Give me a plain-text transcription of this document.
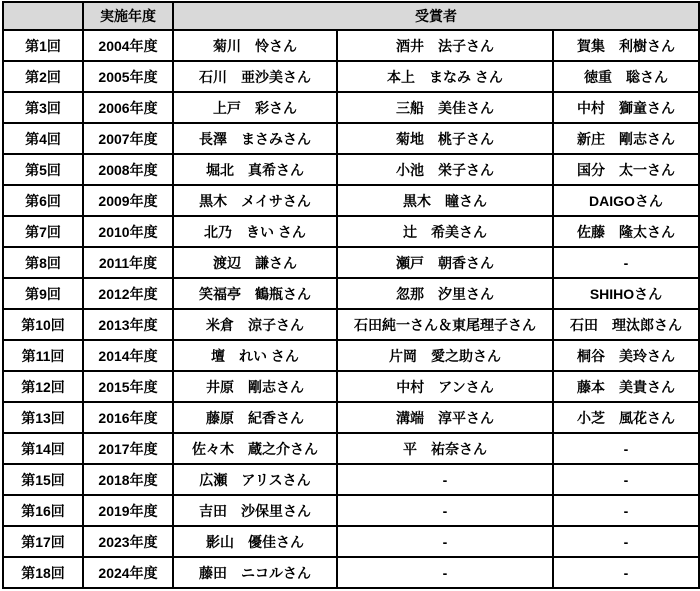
	実施年度	受賞者		
第1回	2004年度	菊川　怜さん	酒井　法子さん	賀集　利樹さん
第2回	2005年度	石川　亜沙美さん	本上　まなみ さん	徳重　聡さん
第3回	2006年度	上戸　彩さん	三船　美佳さん	中村　獅童さん
第4回	2007年度	長澤　まさみさん	菊地　桃子さん	新庄　剛志さん
第5回	2008年度	堀北　真希さん	小池　栄子さん	国分　太一さん
第6回	2009年度	黒木　メイサさん	黒木　瞳さん	DAIGOさん
第7回	2010年度	北乃　きい さん	辻　希美さん	佐藤　隆太さん
第8回	2011年度	渡辺　謙さん	瀬戸　朝香さん	-
第9回	2012年度	笑福亭　鶴瓶さん	忽那　汐里さん	SHIHOさん
第10回	2013年度	米倉　涼子さん	石田純一さん＆東尾理子さん	石田　理汰郎さん
第11回	2014年度	壇　れい さん	片岡　愛之助さん	桐谷　美玲さん
第12回	2015年度	井原　剛志さん	中村　アンさん	藤本　美貴さん
第13回	2016年度	藤原　紀香さん	溝端　淳平さん	小芝　風花さん
第14回	2017年度	佐々木　蔵之介さん	平　祐奈さん	-
第15回	2018年度	広瀬　アリスさん	-	-
第16回	2019年度	吉田　沙保里さん	-	-
第17回	2023年度	影山　優佳さん	-	-
第18回	2024年度	藤田　ニコルさん	-	-
